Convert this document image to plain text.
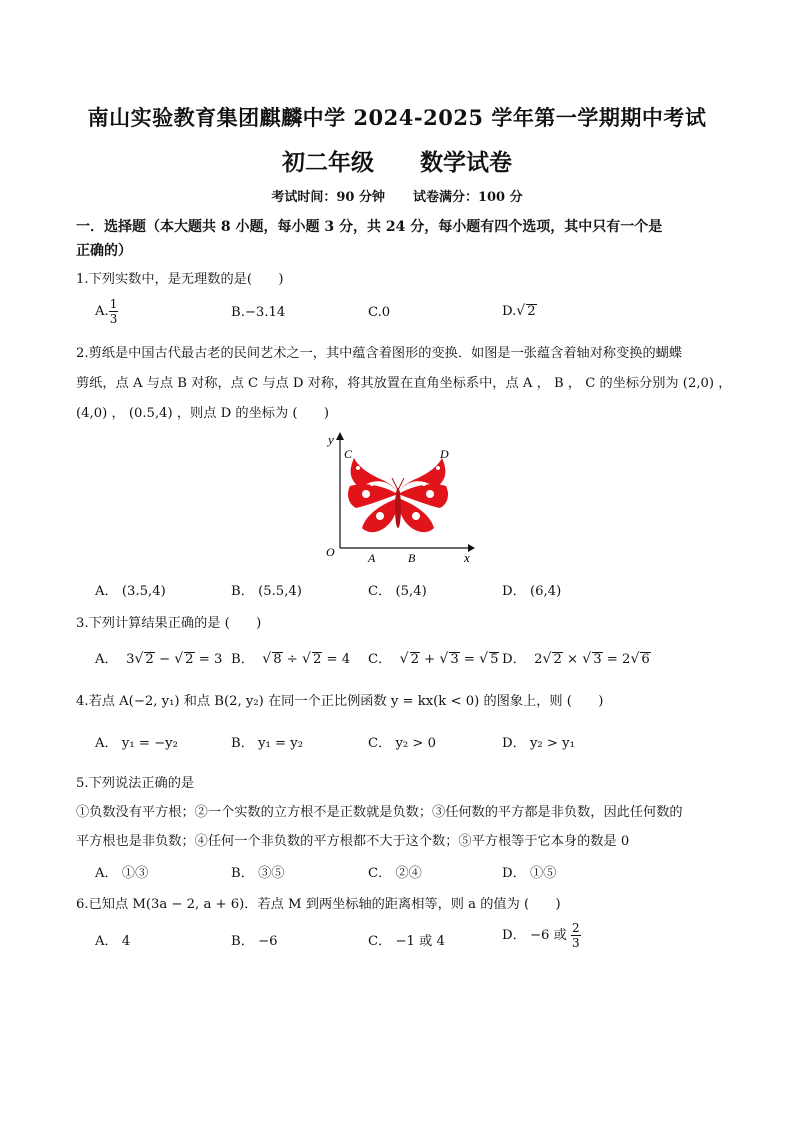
南山实验教育集团麒麟中学 2024-2025 学年第一学期期中考试
初二年级 数学试卷
考试时间：90 分钟 试卷满分：100 分
一．选择题（本大题共 8 小题，每小题 3 分，共 24 分，每小题有四个选项，其中只有一个是
正确的）
1.下列实数中，是无理数的是(　　)
A. $\frac{1}{3}$	B.−3.14	C.0	D.√ 2
2.剪纸是中国古代最古老的民间艺术之一，其中蕴含着图形的变换．如图是一张蕴含着轴对称变换的蝴蝶
剪纸，点 A 与点 B 对称，点 C 与点 D 对称，将其放置在直角坐标系中，点 A ， B ， C 的坐标分别为 (2,0) ，
(4,0) ， (0.5,4) ，则点 D 的坐标为 (　　)
y
x
O	A	B
C	D
A． (3.5,4)	B． (5.5,4)	C． (5,4)	D． (6,4)
3.下列计算结果正确的是 (　　)
A．  3√ 2 − √ 2 = 3 B． √ 8 ÷ √ 2 = 4 C． √ 2 + √ 3 = √ 5 D．  2√ 2 × √ 3 = 2√ 6
4.若点 A(−2, y₁) 和点 B(2, y₂) 在同一个正比例函数 y = kx(k < 0) 的图象上，则 (　　)
A． y₁ = −y₂	B． y₁ = y₂	C． y₂ > 0	D． y₂ > y₁
5.下列说法正确的是
①负数没有平方根；②一个实数的立方根不是正数就是负数；③任何数的平方都是非负数，因此任何数的
平方根也是非负数；④任何一个非负数的平方根都不大于这个数；⑤平方根等于它本身的数是 0
A． ①③	B． ③⑤	C． ②④	D． ①⑤
6.已知点 M(3a − 2, a + 6)．若点 M 到两坐标轴的距离相等，则 a 的值为 (　　)
A． 4	B． −6	C． −1 或 4	D． −6 或 $\frac{2}{3}$
